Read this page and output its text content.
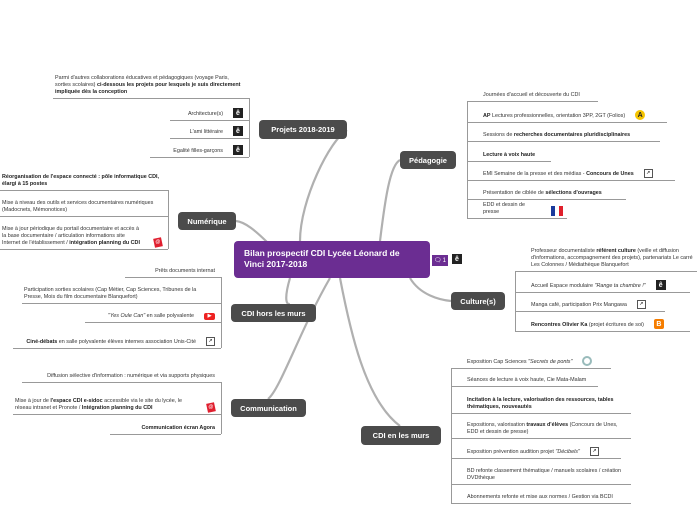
Bilan prospectif CDI Lycée Léonard de Vinci 2017-2018	🗨 1	ê
Projets 2018-2019
Parmi d'autres collaborations éducatives et pédagogiques (voyage Paris, sorties scolaires) ci-dessous les projets pour lesquels je suis directement impliquée dès la conception
Architecture(s)	ê
L'ami littéraire	ê
Egalité filles-garçons	ê
Numérique
Réorganisation de l'espace connecté : pôle informatique CDI, élargi à 15 postes
Mise à niveau des outils et services documentaires numériques (Madocnets, Mémonotices)
Mise à jour périodique du portail documentaire et accès à la base documentaire / articulation informations site Internet de l'établissement / intégration planning du CDI	@
CDI hors les murs
Prêts documents internat
Participation sorties scolaires (Cap Métier, Cap Sciences, Tribunes de la Presse, Mois du film documentaire Blanquefort)
"Yes Oule Can" en salle polyvalente	▶
Ciné-débats en salle polyvalente élèves internes association Unis-Cité	↗
Communication
Diffusion sélective d'information : numérique et via supports physiques
Mise à jour de l'espace CDI e-sidoc accessible via le site du lycée, le réseau intranet et Pronote / Intégration planning du CDI	@
Communication écran Agora
Pédagogie
Journées d'accueil et découverte du CDI
AP Lectures professionnelles, orientation 3PP, 2GT (Folios)	A
Sessions de recherches documentaires pluridisciplinaires
Lecture à voix haute
EMI Semaine de la presse et des médias - Concours de Unes	↗
Présentation de ciblée de sélections d'ouvrages
EDD et dessin de presse
Culture(s)
Professeur documentaliste référent culture (veille et diffusion d'informations, accompagnement des projets), partenariats Le carré Les Colonnes / Médiathèque Blanquefort
Accueil Espace modulaire "Range ta chambre !"	ê
Manga café, participation Prix Mangawa	↗
Rencontres Olivier Ka (projet écritures de soi)	B
CDI en les murs
Exposition Cap Sciences "Secrets de ponts"
Séances de lecture à voix haute, Cie Mata-Malam
Incitation à la lecture, valorisation des ressources, tables thématiques, nouveautés
Expositions, valorisation travaux d'élèves (Concours de Unes, EDD et dessin de presse)
Exposition prévention audition projet "Décibels"	↗
BD refonte classement thématique / manuels scolaires / création DVDthèque
Abonnements refonte et mise aux normes / Gestion via BCDI
